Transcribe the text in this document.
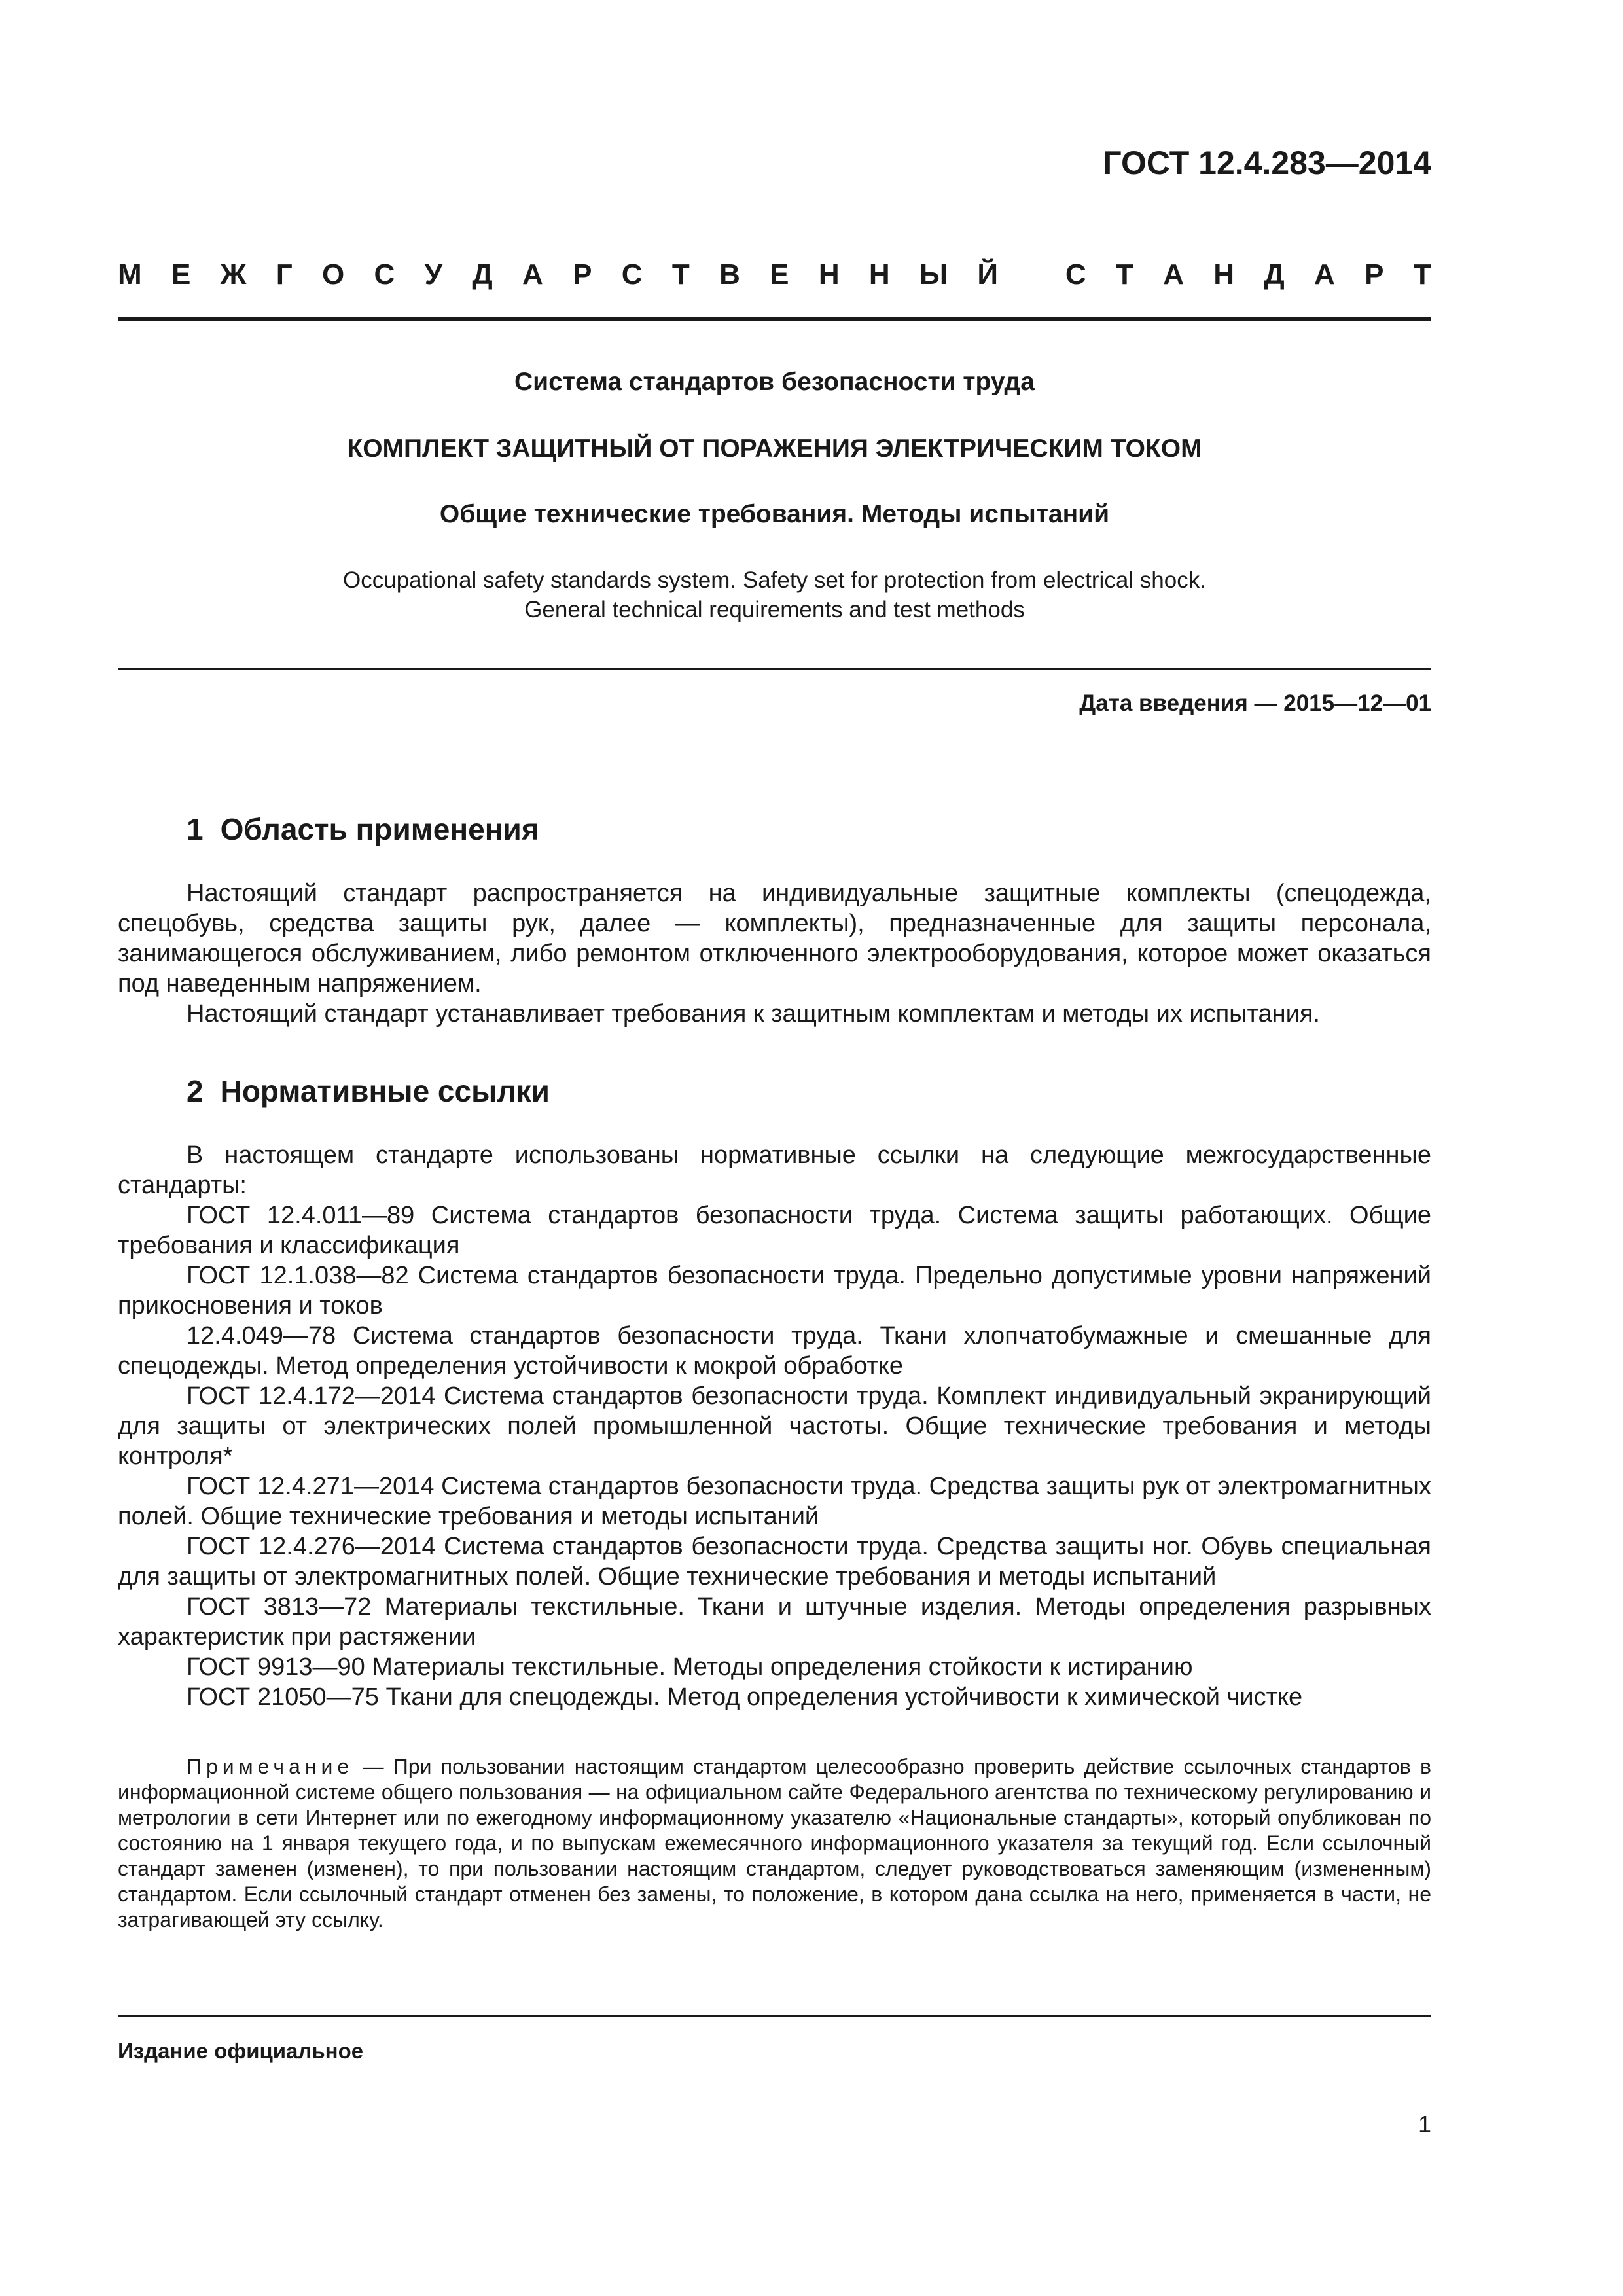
ГОСТ 12.4.283—2014
М Е Ж Г О С У Д А Р С Т В Е Н Н Ы Й
С Т А Н Д А Р Т
Система стандартов безопасности труда
КОМПЛЕКТ ЗАЩИТНЫЙ ОТ ПОРАЖЕНИЯ ЭЛЕКТРИЧЕСКИМ ТОКОМ
Общие технические требования. Методы испытаний
Occupational safety standards system. Safety set for protection from electrical shock.
General technical requirements and test methods
Дата введения — 2015—12—01
1 Область применения

Настоящий стандарт распространяется на индивидуальные защитные комплекты (спецодежда, спецобувь, средства защиты рук, далее — комплекты), предназначенные для защиты персонала, занимающегося обслуживанием, либо ремонтом отключенного электрооборудования, которое может оказаться под наведенным напряжением.

Настоящий стандарт устанавливает требования к защитным комплектам и методы их испытания.

2 Нормативные ссылки

В настоящем стандарте использованы нормативные ссылки на следующие межгосударственные стандарты:

ГОСТ 12.4.011—89 Система стандартов безопасности труда. Система защиты работающих. Общие требования и классификация

ГОСТ 12.1.038—82 Система стандартов безопасности труда. Предельно допустимые уровни напряжений прикосновения и токов

12.4.049—78 Система стандартов безопасности труда. Ткани хлопчатобумажные и смешанные для спецодежды. Метод определения устойчивости к мокрой обработке

ГОСТ 12.4.172—2014 Система стандартов безопасности труда. Комплект индивидуальный экранирующий для защиты от электрических полей промышленной частоты. Общие технические требования и методы контроля*

ГОСТ 12.4.271—2014 Система стандартов безопасности труда. Средства защиты рук от электромагнитных полей. Общие технические требования и методы испытаний

ГОСТ 12.4.276—2014 Система стандартов безопасности труда. Средства защиты ног. Обувь специальная для защиты от электромагнитных полей. Общие технические требования и методы испытаний

ГОСТ 3813—72 Материалы текстильные. Ткани и штучные изделия. Методы определения разрывных характеристик при растяжении

ГОСТ 9913—90 Материалы текстильные. Методы определения стойкости к истиранию

ГОСТ 21050—75 Ткани для спецодежды. Метод определения устойчивости к химической чистке

Примечание — При пользовании настоящим стандартом целесообразно проверить действие ссылочных стандартов в информационной системе общего пользования — на официальном сайте Федерального агентства по техническому регулированию и метрологии в сети Интернет или по ежегодному информационному указателю «Национальные стандарты», который опубликован по состоянию на 1 января текущего года, и по выпускам ежемесячного информационного указателя за текущий год. Если ссылочный стандарт заменен (изменен), то при пользовании настоящим стандартом, следует руководствоваться заменяющим (измененным) стандартом. Если ссылочный стандарт отменен без замены, то положение, в котором дана ссылка на него, применяется в части, не затрагивающей эту ссылку.

Издание официальное
1
